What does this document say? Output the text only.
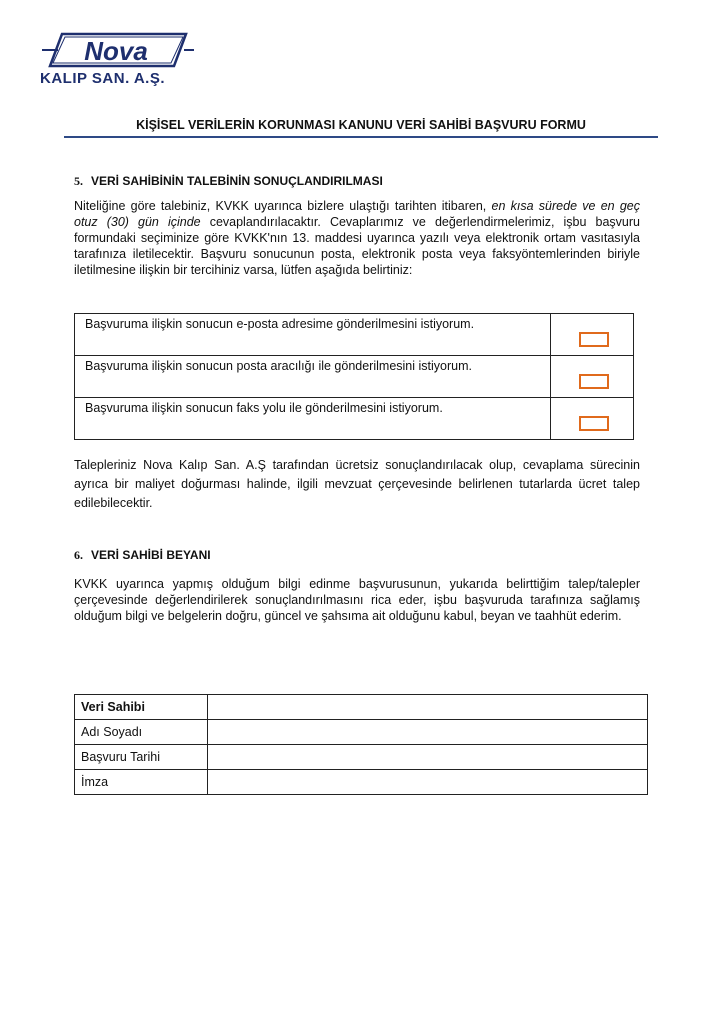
Nova
KALIP SAN. A.Ş.
KİŞİSEL VERİLERİN KORUNMASI KANUNU VERİ SAHİBİ BAŞVURU FORMU
5. VERİ SAHİBİNİN TALEBİNİN SONUÇLANDIRILMASI
Niteliğine göre talebiniz, KVKK uyarınca bizlere ulaştığı tarihten itibaren, en kısa sürede ve en geç otuz (30) gün içinde cevaplandırılacaktır. Cevaplarımız ve değerlendirmelerimiz, işbu başvuru formundaki seçiminize göre KVKK'nın 13. maddesi uyarınca yazılı veya elektronik ortam vasıtasıyla tarafınıza iletilecektir. Başvuru sonucunun posta, elektronik posta veya faksyöntemlerinden biriyle iletilmesine ilişkin bir tercihiniz varsa, lütfen aşağıda belirtiniz:
Başvuruma ilişkin sonucun e-posta adresime gönderilmesini istiyorum.	

Başvuruma ilişkin sonucun posta aracılığı ile gönderilmesini istiyorum.	

Başvuruma ilişkin sonucun faks yolu ile gönderilmesini istiyorum.	
Talepleriniz Nova Kalıp San. A.Ş tarafından ücretsiz sonuçlandırılacak olup, cevaplama sürecinin ayrıca bir maliyet doğurması halinde, ilgili mevzuat çerçevesinde belirlenen tutarlarda ücret talep edilebilecektir.
6. VERİ SAHİBİ BEYANI
KVKK uyarınca yapmış olduğum bilgi edinme başvurusunun, yukarıda belirttiğim talep/talepler çerçevesinde değerlendirilerek sonuçlandırılmasını rica eder, işbu başvuruda tarafınıza sağlamış olduğum bilgi ve belgelerin doğru, güncel ve şahsıma ait olduğunu kabul, beyan ve taahhüt ederim.
Veri Sahibi	
Adı Soyadı	
Başvuru Tarihi	
İmza	
